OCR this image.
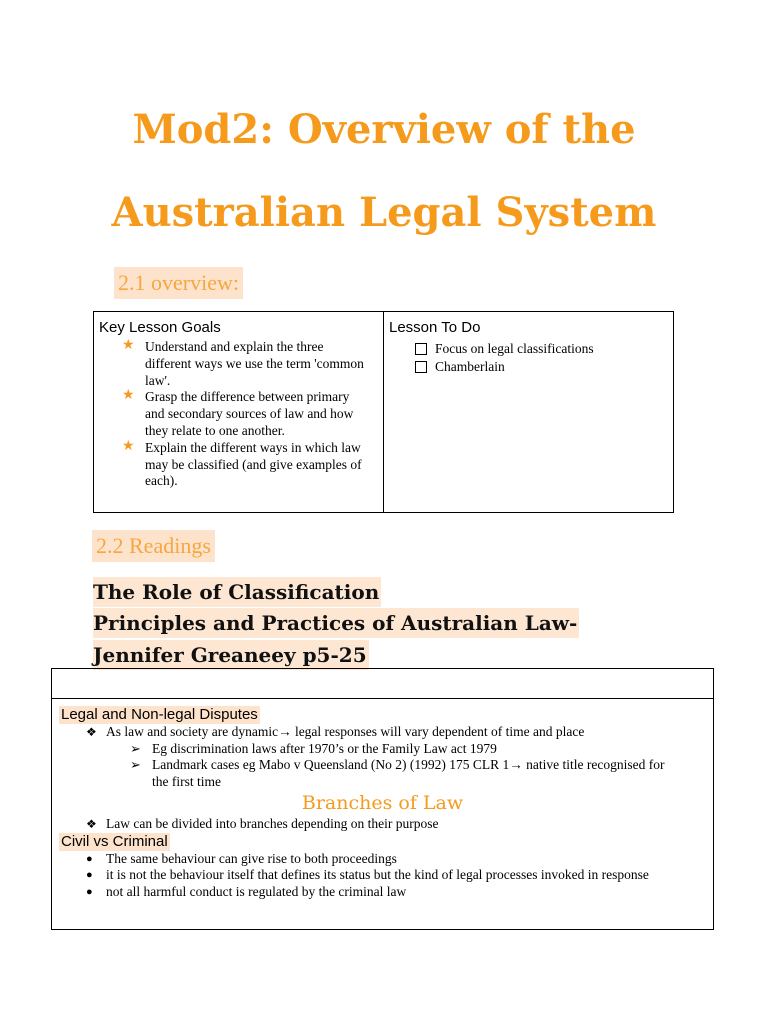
Mod2: Overview of the
Australian Legal System
2.1 overview:
Key Lesson Goals
★ Understand and explain the three different ways we use the term 'common law'.
★ Grasp the difference between primary and secondary sources of law and how they relate to one another.
★ Explain the different ways in which law may be classified (and give examples of each).
Lesson To Do
Focus on legal classifications
Chamberlain
2.2 Readings
The Role of Classification
Principles and Practices of Australian Law-
Jennifer Greaneey p5-25
Legal and Non-legal Disputes
❖ As law and society are dynamic→ legal responses will vary dependent of time and place
➢ Eg discrimination laws after 1970’s or the Family Law act 1979
➢ Landmark cases eg Mabo v Queensland (No 2) (1992) 175 CLR 1→ native title recognised for the first time
Branches of Law
❖ Law can be divided into branches depending on their purpose
Civil vs Criminal
● The same behaviour can give rise to both proceedings
● it is not the behaviour itself that defines its status but the kind of legal processes invoked in response
● not all harmful conduct is regulated by the criminal law
